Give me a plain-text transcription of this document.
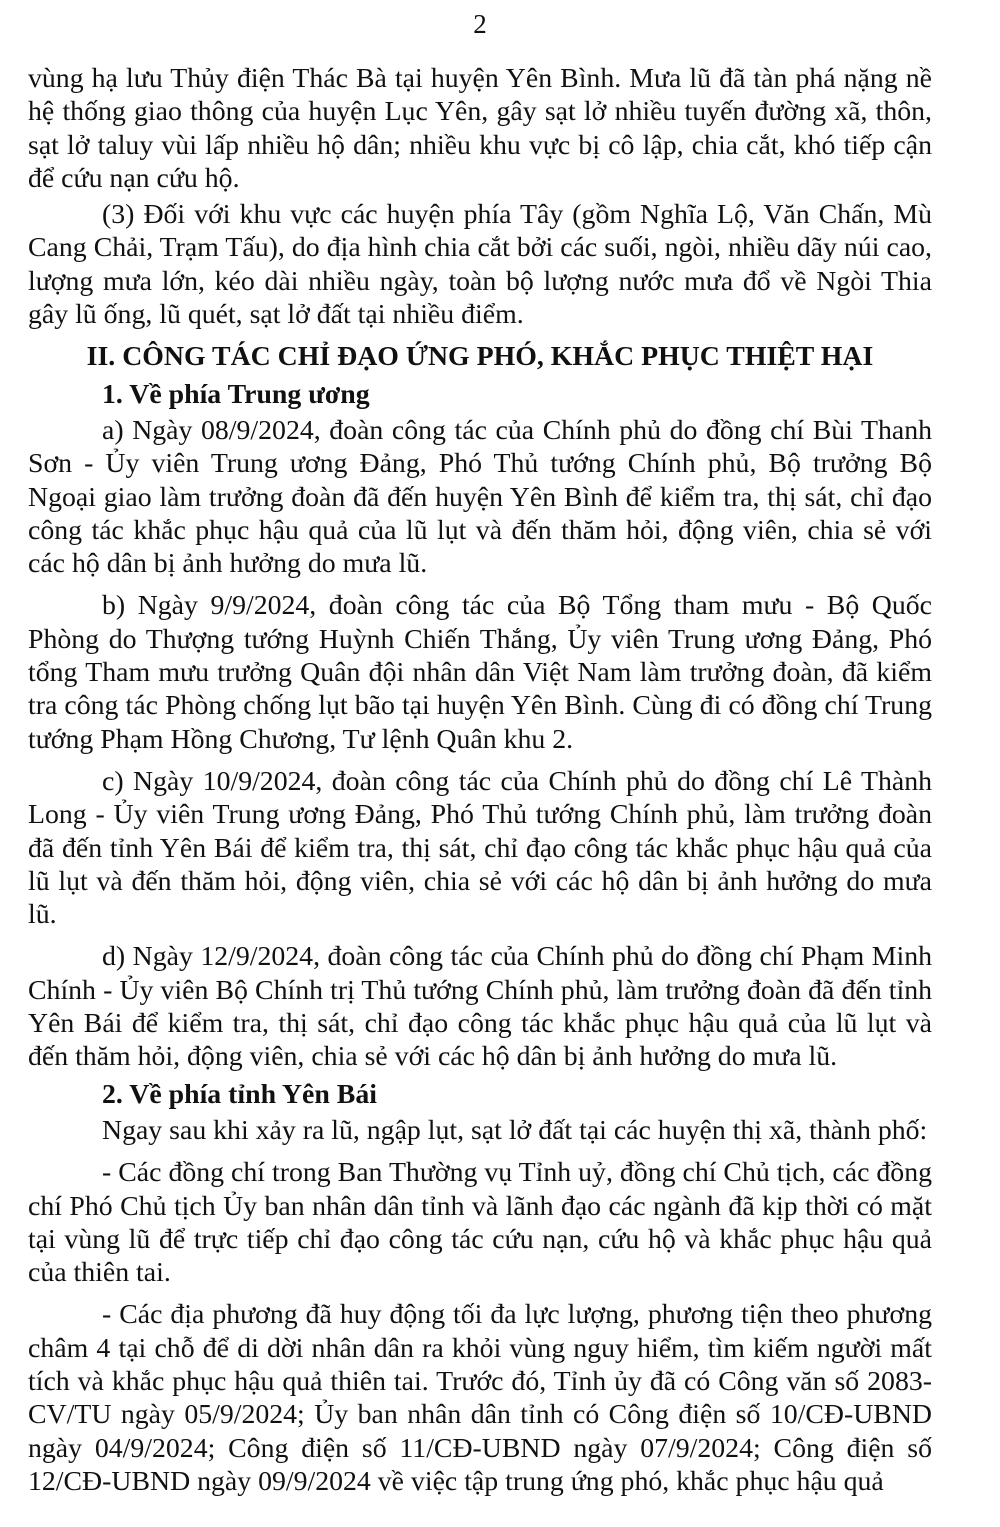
2

vùng hạ lưu Thủy điện Thác Bà tại huyện Yên Bình. Mưa lũ đã tàn phá nặng nề hệ thống giao thông của huyện Lục Yên, gây sạt lở nhiều tuyến đường xã, thôn, sạt lở taluy vùi lấp nhiều hộ dân; nhiều khu vực bị cô lập, chia cắt, khó tiếp cận để cứu nạn cứu hộ.

(3) Đối với khu vực các huyện phía Tây (gồm Nghĩa Lộ, Văn Chấn, Mù Cang Chải, Trạm Tấu), do địa hình chia cắt bởi các suối, ngòi, nhiều dãy núi cao, lượng mưa lớn, kéo dài nhiều ngày, toàn bộ lượng nước mưa đổ về Ngòi Thia gây lũ ống, lũ quét, sạt lở đất tại nhiều điểm.

II. CÔNG TÁC CHỈ ĐẠO ỨNG PHÓ, KHẮC PHỤC THIỆT HẠI

1. Về phía Trung ương

a) Ngày 08/9/2024, đoàn công tác của Chính phủ do đồng chí Bùi Thanh Sơn - Ủy viên Trung ương Đảng, Phó Thủ tướng Chính phủ, Bộ trưởng Bộ Ngoại giao làm trưởng đoàn đã đến huyện Yên Bình để kiểm tra, thị sát, chỉ đạo công tác khắc phục hậu quả của lũ lụt và đến thăm hỏi, động viên, chia sẻ với các hộ dân bị ảnh hưởng do mưa lũ.

b) Ngày 9/9/2024, đoàn công tác của Bộ Tổng tham mưu - Bộ Quốc Phòng do Thượng tướng Huỳnh Chiến Thắng, Ủy viên Trung ương Đảng, Phó tổng Tham mưu trưởng Quân đội nhân dân Việt Nam làm trưởng đoàn, đã kiểm tra công tác Phòng chống lụt bão tại huyện Yên Bình. Cùng đi có đồng chí Trung tướng Phạm Hồng Chương, Tư lệnh Quân khu 2.

c) Ngày 10/9/2024, đoàn công tác của Chính phủ do đồng chí Lê Thành Long - Ủy viên Trung ương Đảng, Phó Thủ tướng Chính phủ, làm trưởng đoàn đã đến tỉnh Yên Bái để kiểm tra, thị sát, chỉ đạo công tác khắc phục hậu quả của lũ lụt và đến thăm hỏi, động viên, chia sẻ với các hộ dân bị ảnh hưởng do mưa lũ.

d) Ngày 12/9/2024, đoàn công tác của Chính phủ do đồng chí Phạm Minh Chính - Ủy viên Bộ Chính trị Thủ tướng Chính phủ, làm trưởng đoàn đã đến tỉnh Yên Bái để kiểm tra, thị sát, chỉ đạo công tác khắc phục hậu quả của lũ lụt và đến thăm hỏi, động viên, chia sẻ với các hộ dân bị ảnh hưởng do mưa lũ.

2. Về phía tỉnh Yên Bái

Ngay sau khi xảy ra lũ, ngập lụt, sạt lở đất tại các huyện thị xã, thành phố:

- Các đồng chí trong Ban Thường vụ Tỉnh uỷ, đồng chí Chủ tịch, các đồng chí Phó Chủ tịch Ủy ban nhân dân tỉnh và lãnh đạo các ngành đã kịp thời có mặt tại vùng lũ để trực tiếp chỉ đạo công tác cứu nạn, cứu hộ và khắc phục hậu quả của thiên tai.

- Các địa phương đã huy động tối đa lực lượng, phương tiện theo phương châm 4 tại chỗ để di dời nhân dân ra khỏi vùng nguy hiểm, tìm kiếm người mất tích và khắc phục hậu quả thiên tai. Trước đó, Tỉnh ủy đã có Công văn số 2083-CV/TU ngày 05/9/2024; Ủy ban nhân dân tỉnh có Công điện số 10/CĐ-UBND ngày 04/9/2024; Công điện số 11/CĐ-UBND ngày 07/9/2024; Công điện số 12/CĐ-UBND ngày 09/9/2024 về việc tập trung ứng phó, khắc phục hậu quả
